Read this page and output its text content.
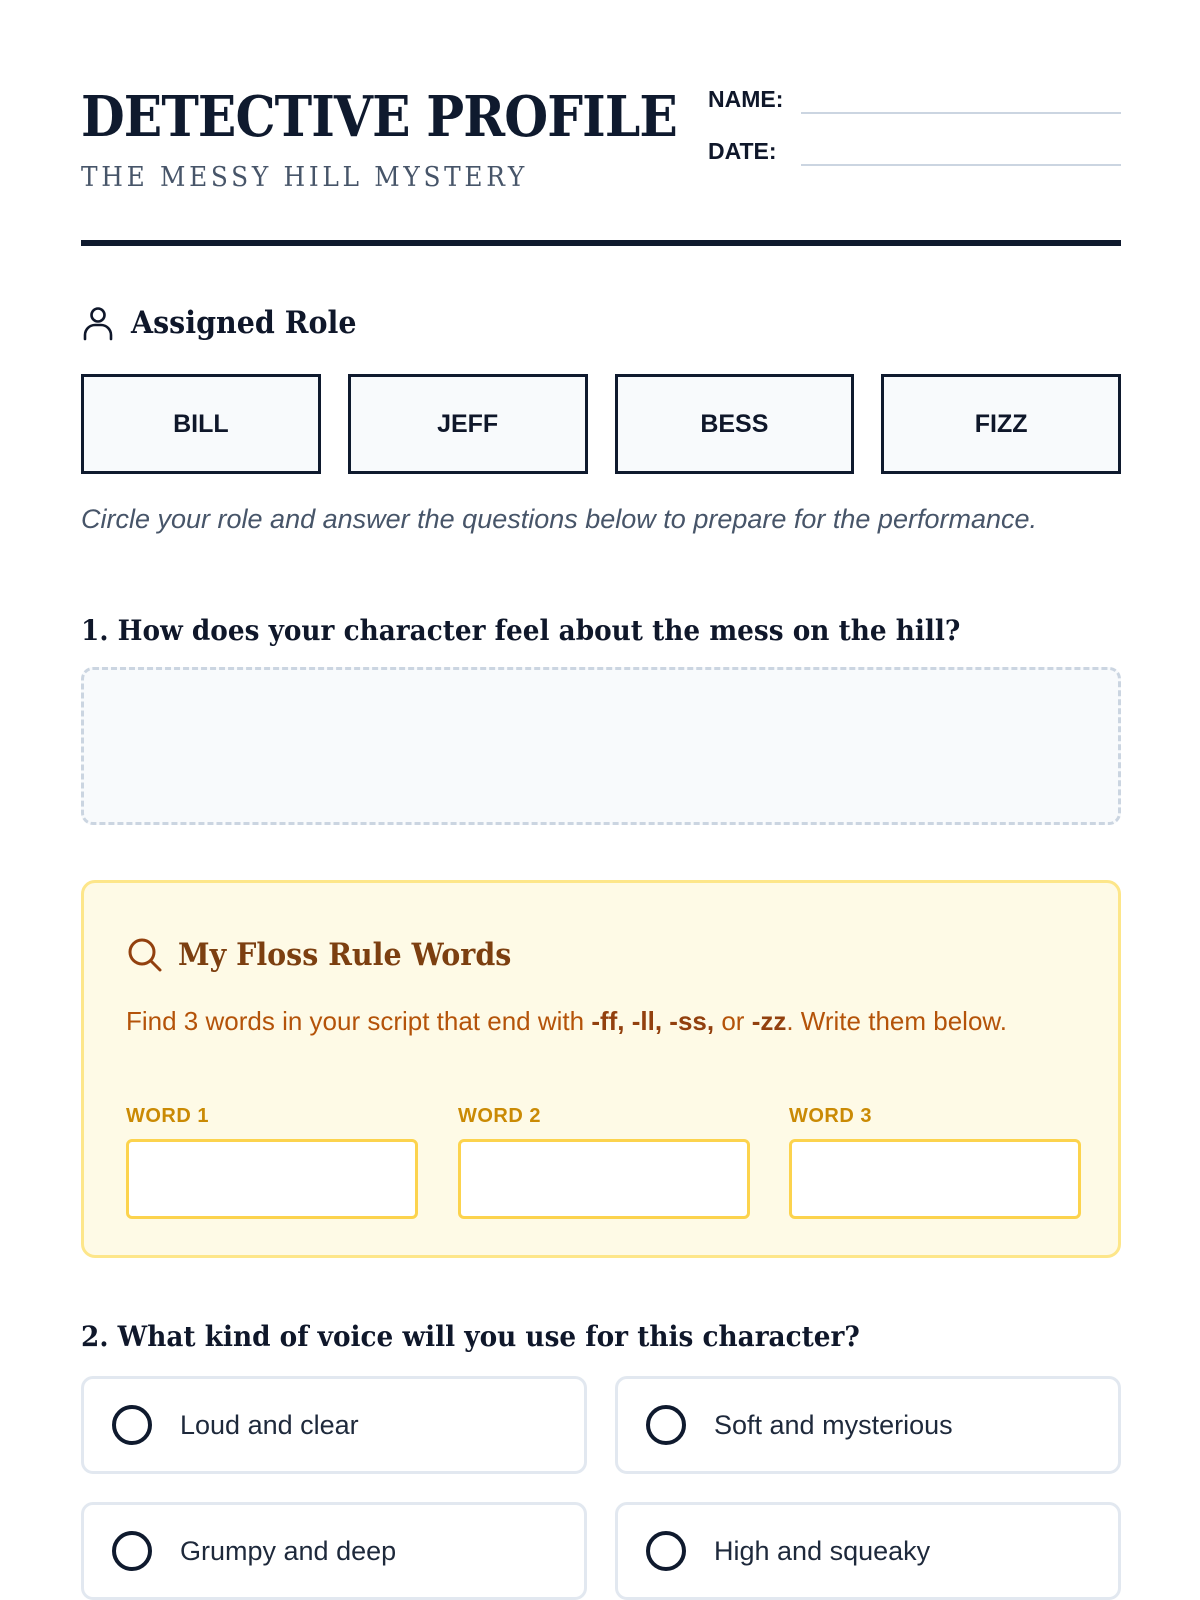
DETECTIVE PROFILE
THE MESSY HILL MYSTERY
NAME:
DATE:
Assigned Role
BILL	JEFF	BESS	FIZZ
Circle your role and answer the questions below to prepare for the performance.
1. How does your character feel about the mess on the hill?
My Floss Rule Words
Find 3 words in your script that end with -ff, -ll, -ss, or -zz. Write them below.
WORD 1	WORD 2	WORD 3
2. What kind of voice will you use for this character?
Loud and clear	Soft and mysterious
Grumpy and deep	High and squeaky
